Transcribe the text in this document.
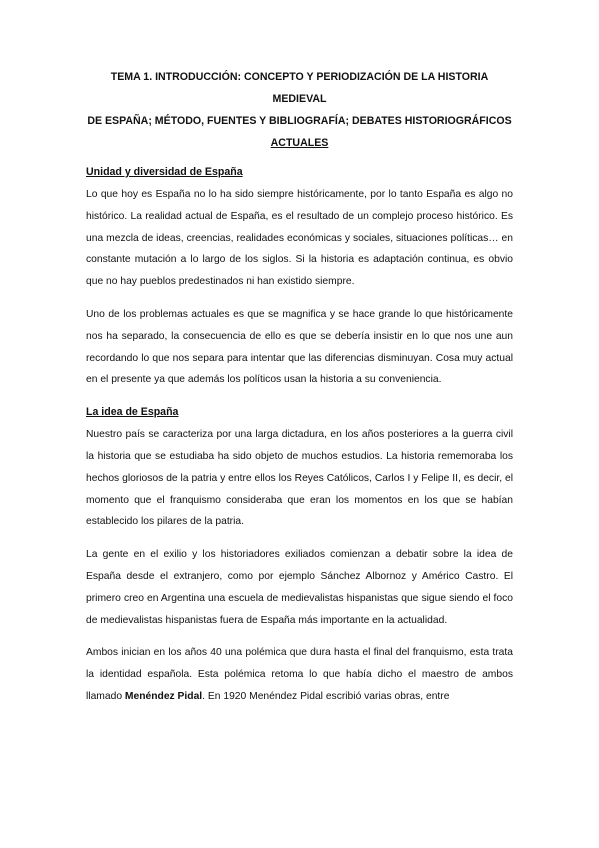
TEMA 1. INTRODUCCIÓN: CONCEPTO Y PERIODIZACIÓN DE LA HISTORIA MEDIEVAL
DE ESPAÑA; MÉTODO, FUENTES Y BIBLIOGRAFÍA; DEBATES HISTORIOGRÁFICOS
ACTUALES
Unidad y diversidad de España

Lo que hoy es España no lo ha sido siempre históricamente, por lo tanto España es algo no histórico. La realidad actual de España, es el resultado de un complejo proceso histórico. Es una mezcla de ideas, creencias, realidades económicas y sociales, situaciones políticas… en constante mutación a lo largo de los siglos. Si la historia es adaptación continua, es obvio que no hay pueblos predestinados ni han existido siempre.

Uno de los problemas actuales es que se magnifica y se hace grande lo que históricamente nos ha separado, la consecuencia de ello es que se debería insistir en lo que nos une aun recordando lo que nos separa para intentar que las diferencias disminuyan. Cosa muy actual en el presente ya que además los políticos usan la historia a su conveniencia.

La idea de España

Nuestro país se caracteriza por una larga dictadura, en los años posteriores a la guerra civil la historia que se estudiaba ha sido objeto de muchos estudios. La historia rememoraba los hechos gloriosos de la patria y entre ellos los Reyes Católicos, Carlos I y Felipe II, es decir, el momento que el franquismo consideraba que eran los momentos en los que se habían establecido los pilares de la patria.

La gente en el exilio y los historiadores exiliados comienzan a debatir sobre la idea de España desde el extranjero, como por ejemplo Sánchez Albornoz y Américo Castro. El primero creo en Argentina una escuela de medievalistas hispanistas que sigue siendo el foco de medievalistas hispanistas fuera de España más importante en la actualidad.

Ambos inician en los años 40 una polémica que dura hasta el final del franquismo, esta trata la identidad española. Esta polémica retoma lo que había dicho el maestro de ambos llamado Menéndez Pidal. En 1920 Menéndez Pidal escribió varias obras, entre
